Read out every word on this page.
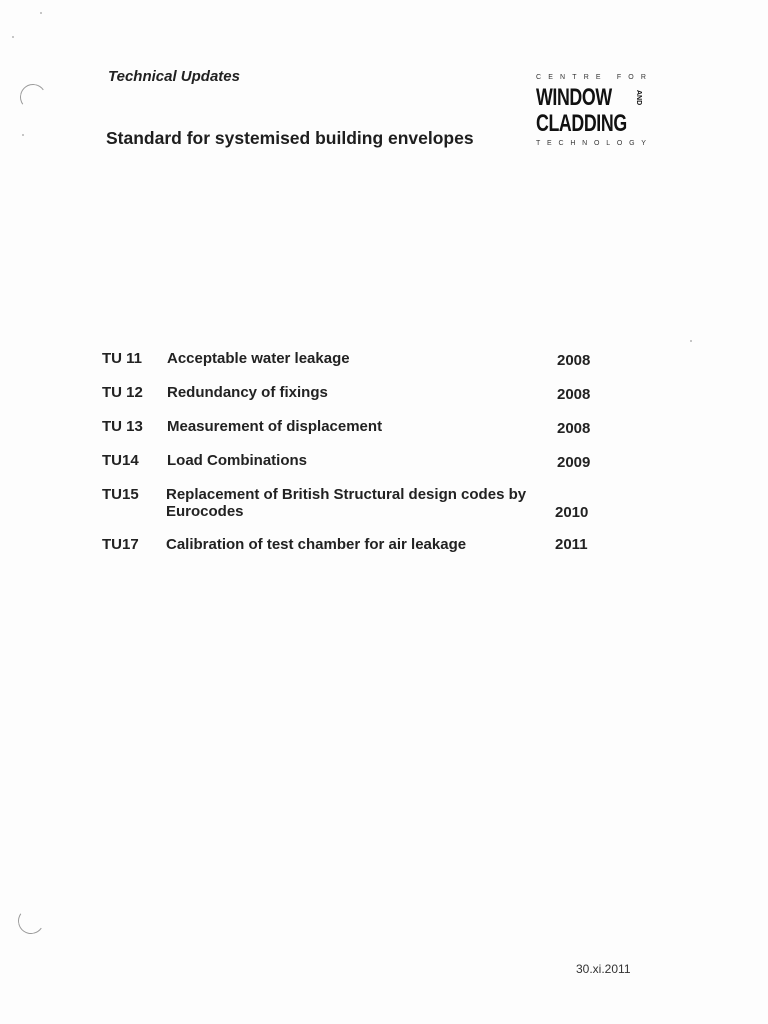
Technical Updates
Standard for systemised building envelopes
C E N T R E
F O R
WINDOW	AND
CLADDING
T E C H N O L O G Y
TU 11 Acceptable water leakage	2008
TU 12 Redundancy of fixings	2008
TU 13 Measurement of displacement	2008
TU14 Load Combinations	2009
TU15 Replacement of British Structural design codes by Eurocodes	2010
TU17 Calibration of test chamber for air leakage	2011
30.xi.2011
